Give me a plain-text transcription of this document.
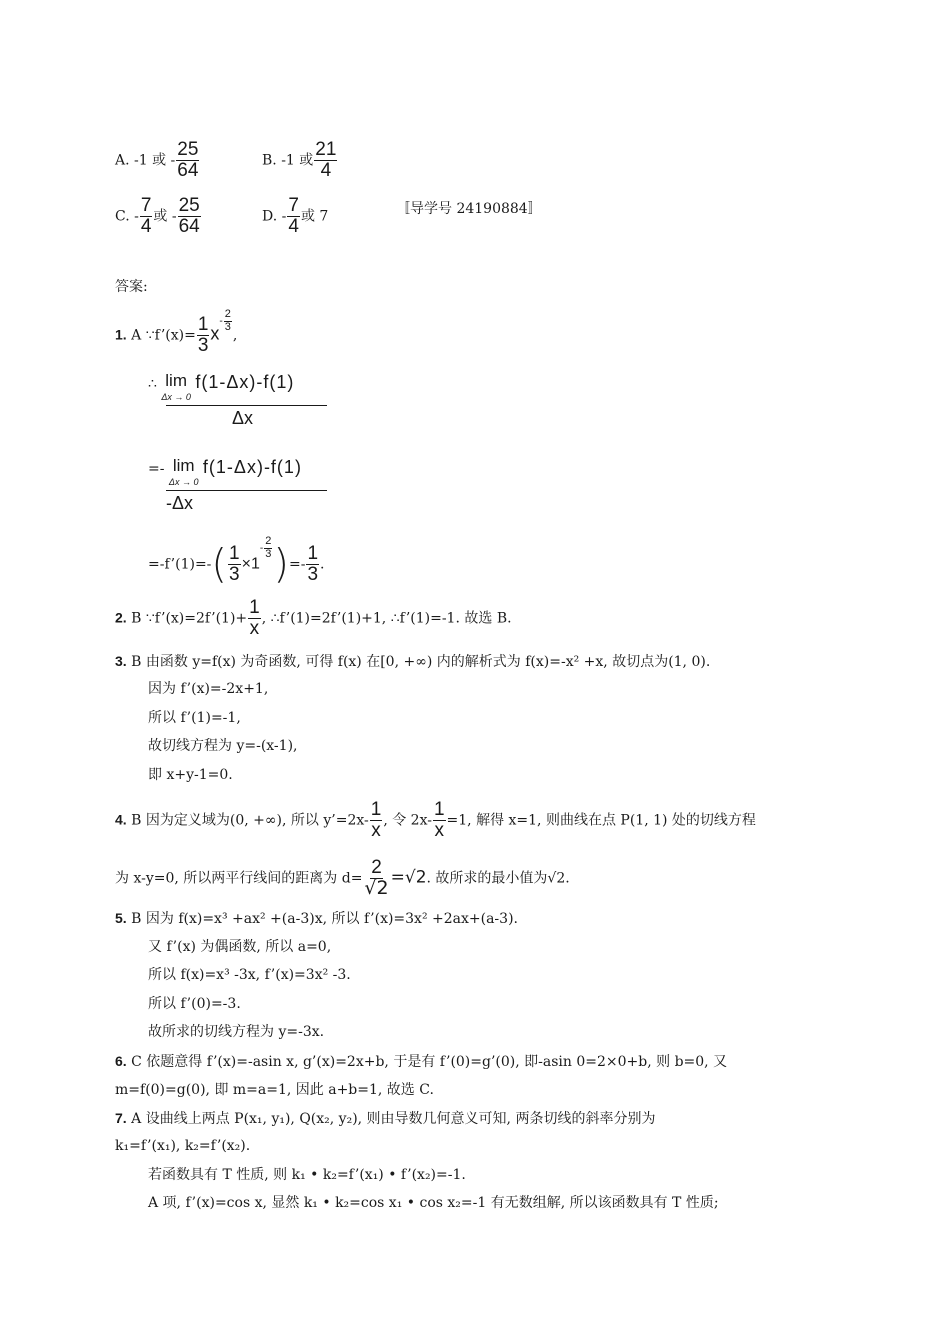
A. -1 或 - $\frac{25}{64}$	B. -1 或 $\frac{21}{4}$
C. - $\frac{7}{4}$ 或 - $\frac{25}{64}$	D. - $\frac{7}{4}$ 或 7	〚导学号 24190884〛
答案:
1. A ∵f’(x)= $\frac{1}{3} x^{- \frac{2}{3}}$
,
∴ lim
Δx → 0 f(1-Δx)-f(1)
Δx
=- lim
Δx → 0 f(1-Δx)-f(1)
-Δx
=-f’(1)=-( $\frac{1}{3} \times 1^{- \frac{2}{3}}$ )=- $\frac{1}{3}$ .
2. B ∵f’(x)=2f’(1)+ $\frac{1}{x}$ , ∴f’(1)=2f’(1)+1, ∴f’(1)=-1. 故选 B.
3. B 由函数 y=f(x) 为奇函数, 可得 f(x) 在[0, +∞) 内的解析式为 f(x)=-x² +x, 故切点为(1, 0).
因为 f’(x)=-2x+1,
所以 f’(1)=-1,
故切线方程为 y=-(x-1),
即 x+y-1=0.
4. B 因为定义域为(0, +∞), 所以 y’=2x- $\frac{1}{x}$ , 令 $2x- \frac{1}{x} =1$, 解得 x=1, 则曲线在点 P(1, 1) 处的切线方程
为 x-y=0, 所以两平行线间的距离为 $d= \frac{2}{√2} =√2$. 故所求的最小值为√2.
5. B 因为 f(x)=x³ +ax² +(a-3)x, 所以 f’(x)=3x² +2ax+(a-3).
又 f’(x) 为偶函数, 所以 a=0,
所以 f(x)=x³ -3x, f’(x)=3x² -3.
所以 f’(0)=-3.
故所求的切线方程为 y=-3x.
6. C 依题意得 f’(x)=-asin x, g’(x)=2x+b, 于是有 f’(0)=g’(0), 即-asin 0=2×0+b, 则 b=0, 又
m=f(0)=g(0), 即 m=a=1, 因此 a+b=1, 故选 C.
7. A 设曲线上两点 P(x₁, y₁), Q(x₂, y₂), 则由导数几何意义可知, 两条切线的斜率分别为
k₁=f’(x₁), k₂=f’(x₂).
若函数具有 T 性质, 则 k₁ • k₂=f’(x₁) • f’(x₂)=-1.
A 项, f’(x)=cos x, 显然 k₁ • k₂=cos x₁ • cos x₂=-1 有无数组解, 所以该函数具有 T 性质;
